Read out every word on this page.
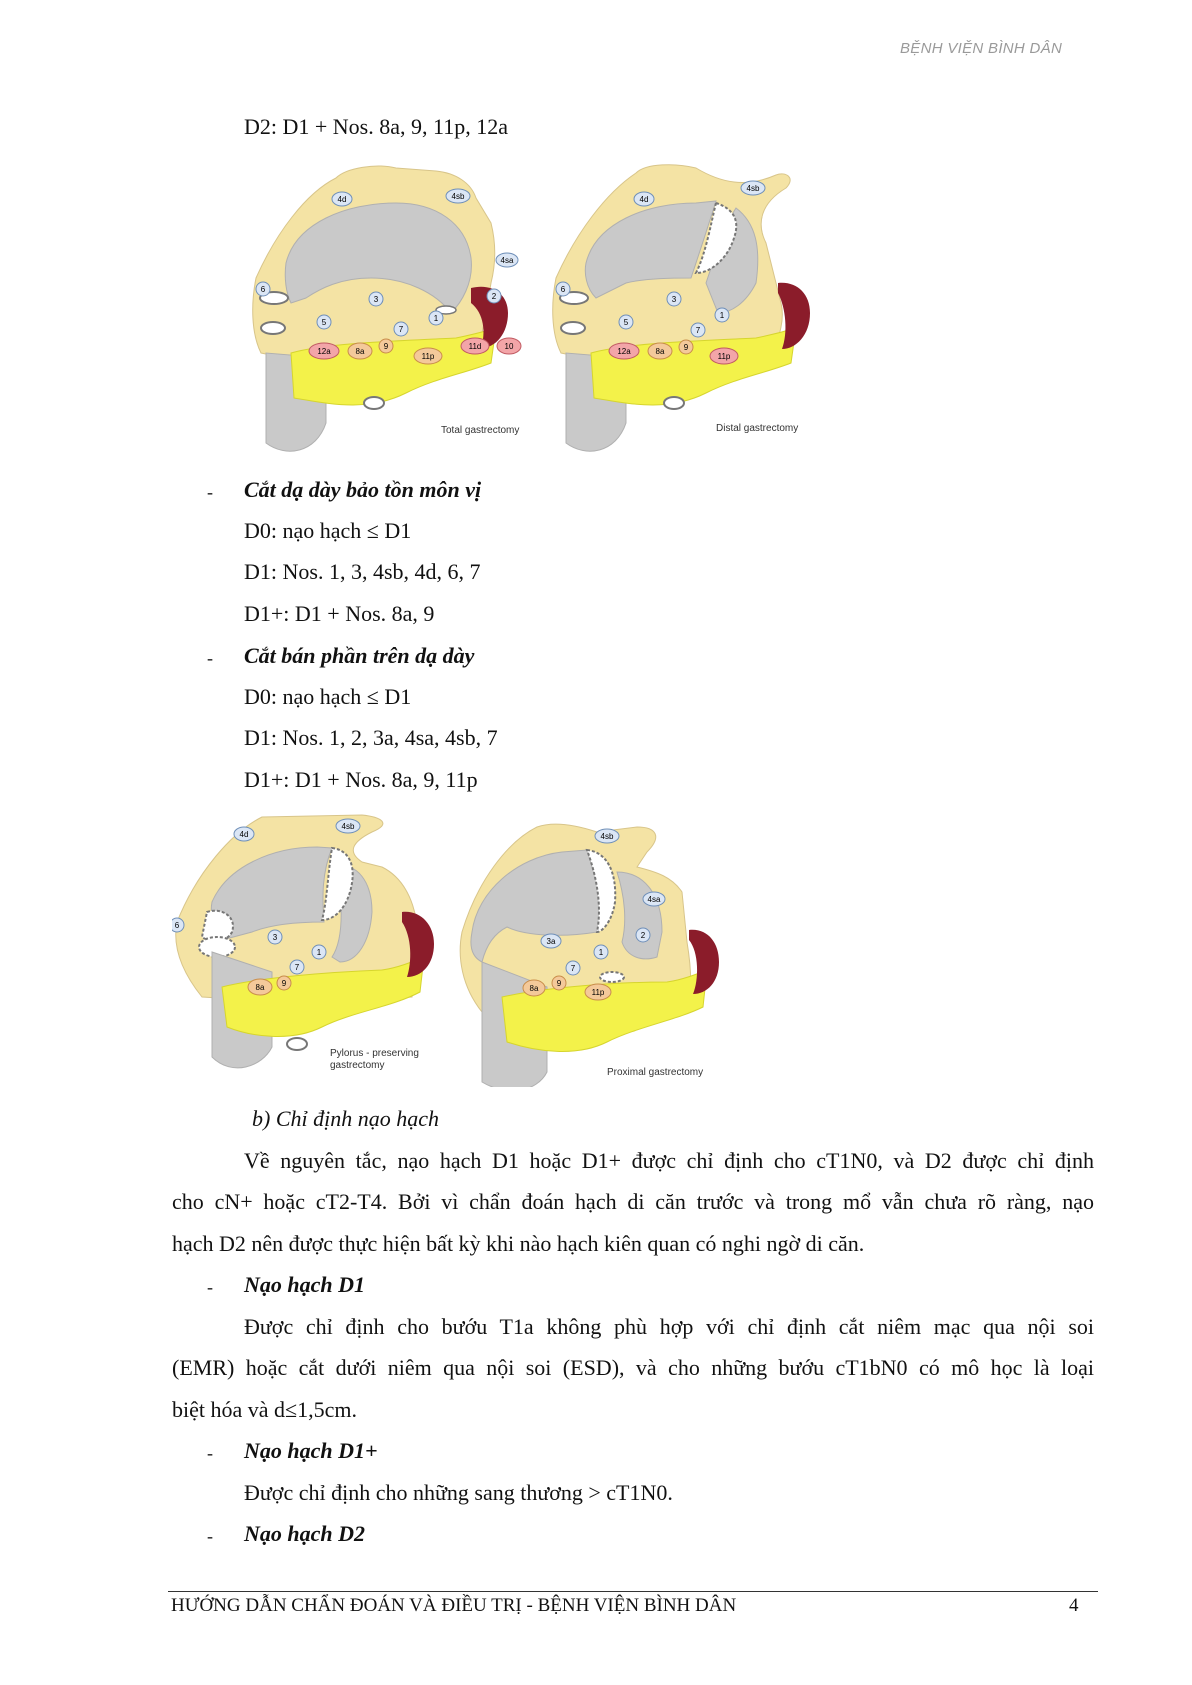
BỆNH VIỆN BÌNH DÂN
D2: D1 + Nos. 8a, 9, 11p, 12a
4d	4sb
4sa
6
3	2
5	1
7
9
12a	8a
11p
11d	10
Total gastrectomy
4d
4sb
6
3
5
1
7
12a	8a 9
11p
Distal gastrectomy
- Cắt dạ dày bảo tồn môn vị
D0: nạo hạch ≤ D1
D1: Nos. 1, 3, 4sb, 4d, 6, 7
D1+: D1 + Nos. 8a, 9
- Cắt bán phần trên dạ dày
D0: nạo hạch ≤ D1
D1: Nos. 1, 2, 3a, 4sa, 4sb, 7
D1+: D1 + Nos. 8a, 9, 11p
4d
4sb
6
3
1
7
8a 9
Pylorus - preserving
gastrectomy
4sb
4sa
3a
2
1
7
8a
9
11p
Proximal gastrectomy
b) Chỉ định nạo hạch
Về nguyên tắc, nạo hạch D1 hoặc D1+ được chỉ định cho cT1N0, và D2 được chỉ định
cho cN+ hoặc cT2-T4. Bởi vì chẩn đoán hạch di căn trước và trong mổ vẫn chưa rõ ràng, nạo
hạch D2 nên được thực hiện bất kỳ khi nào hạch kiên quan có nghi ngờ di căn.
- Nạo hạch D1
Được chỉ định cho bướu T1a không phù hợp với chỉ định cắt niêm mạc qua nội soi
(EMR) hoặc cắt dưới niêm qua nội soi (ESD), và cho những bướu cT1bN0 có mô học là loại
biệt hóa và d≤1,5cm.
- Nạo hạch D1+
Được chỉ định cho những sang thương > cT1N0.
- Nạo hạch D2
HƯỚNG DẪN CHẨN ĐOÁN VÀ ĐIỀU TRỊ - BỆNH VIỆN BÌNH DÂN	4
